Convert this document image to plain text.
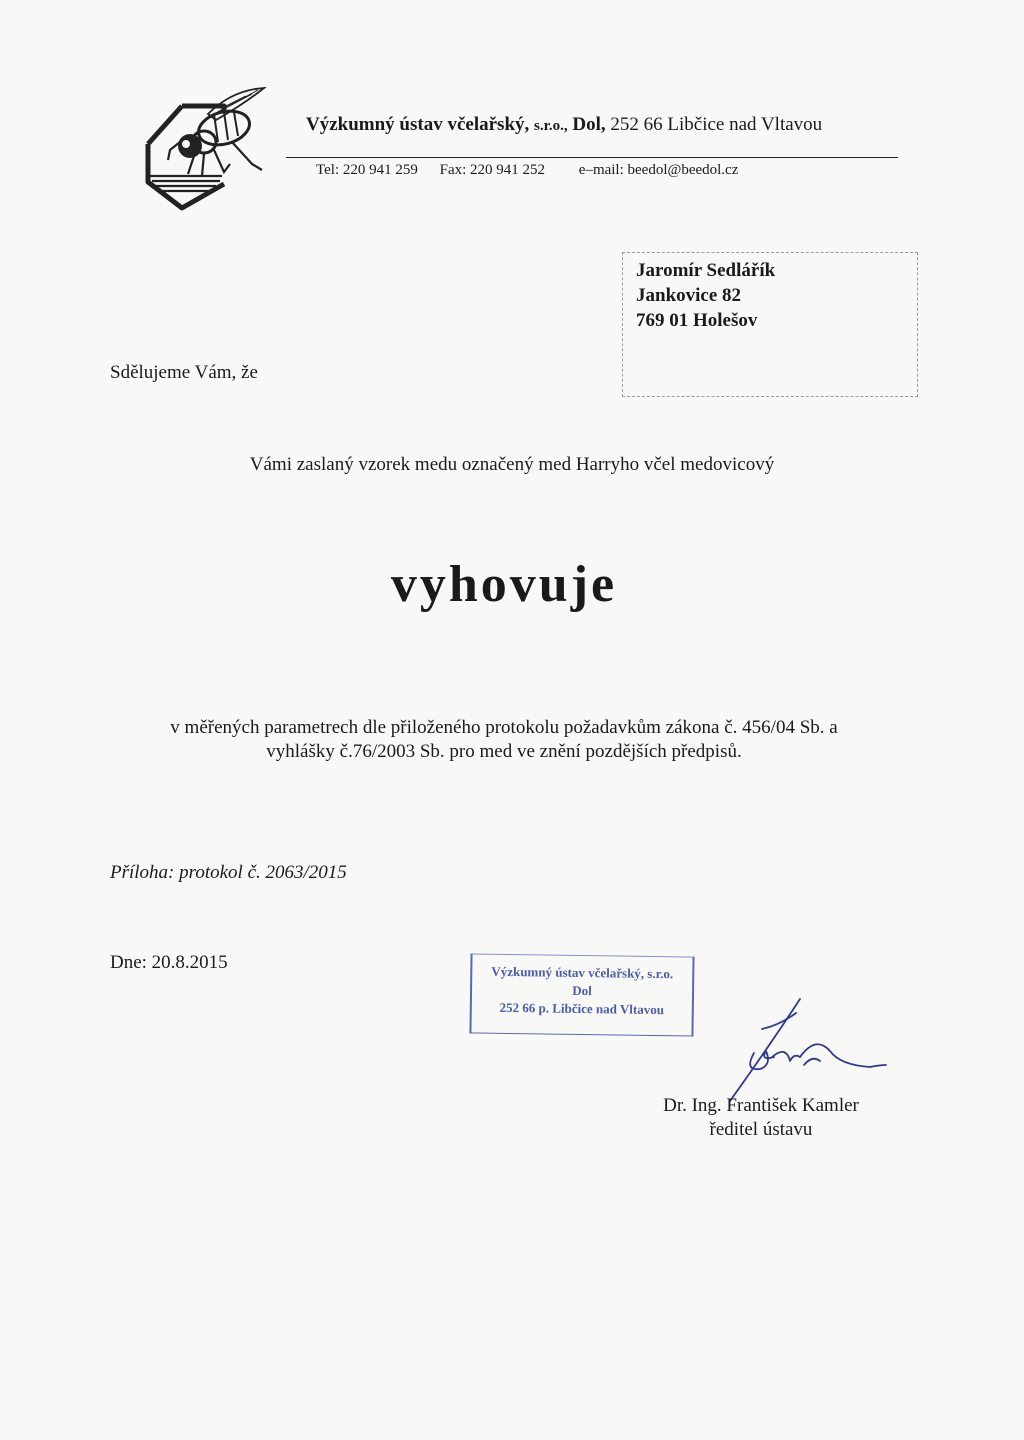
Výzkumný ústav včelařský, s.r.o., Dol, 252 66 Libčice nad Vltavou
Tel: 220 941 259 Fax: 220 941 252 e–mail: beedol@beedol.cz
Jaromír Sedlářík
Jankovice 82
769 01 Holešov
Sdělujeme Vám, že
Vámi zaslaný vzorek medu označený med Harryho včel medovicový
vyhovuje
v měřených parametrech dle přiloženého protokolu požadavkům zákona č. 456/04 Sb. a
vyhlášky č.76/2003 Sb. pro med ve znění pozdějších předpisů.
Příloha: protokol č. 2063/2015
Dne: 20.8.2015	Výzkumný ústav včelařský, s.r.o.
Dol
252 66 p. Libčice nad Vltavou
Dr. Ing. František Kamler
ředitel ústavu
